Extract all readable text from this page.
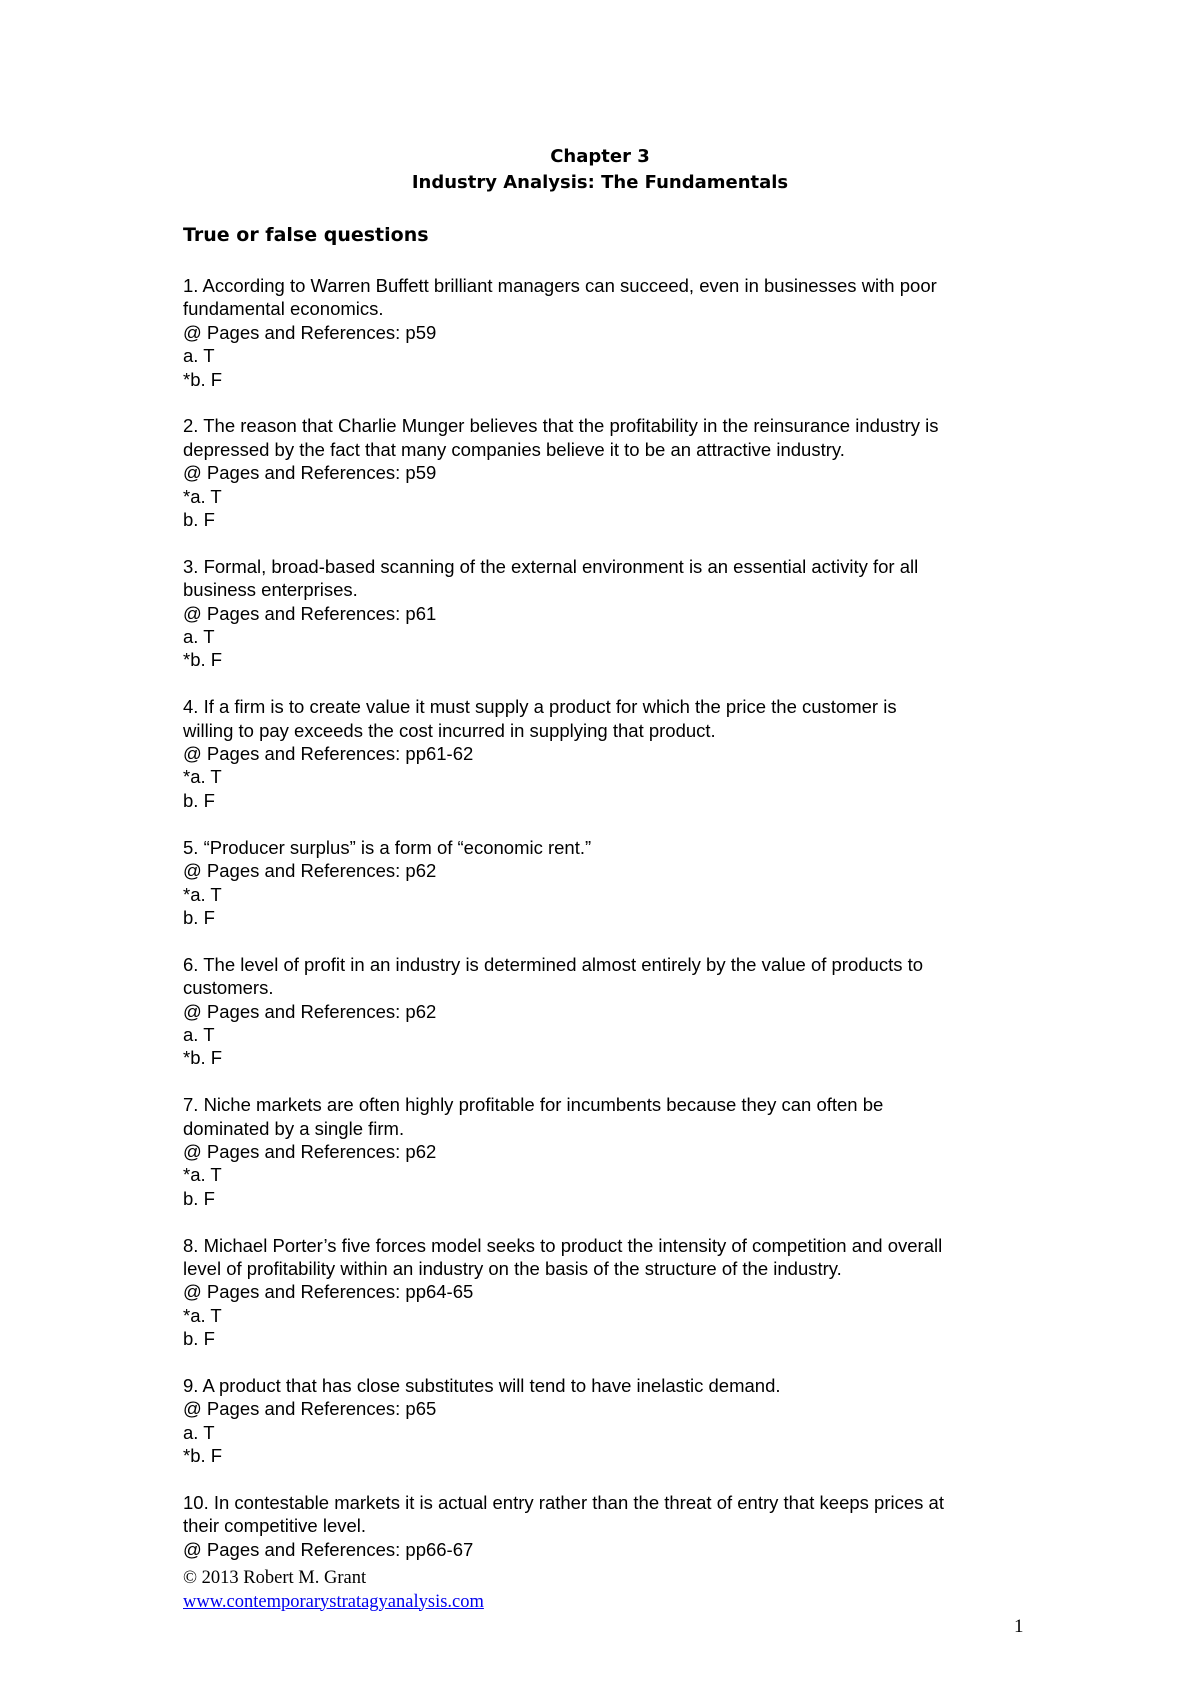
Chapter 3
Industry Analysis: The Fundamentals
True or false questions
1. According to Warren Buffett brilliant managers can succeed, even in businesses with poor
fundamental economics.
@ Pages and References: p59
a. T
*b. F
2. The reason that Charlie Munger believes that the profitability in the reinsurance industry is
depressed by the fact that many companies believe it to be an attractive industry.
@ Pages and References: p59
*a. T
b. F
3. Formal, broad-based scanning of the external environment is an essential activity for all
business enterprises.
@ Pages and References: p61
a. T
*b. F
4. If a firm is to create value it must supply a product for which the price the customer is
willing to pay exceeds the cost incurred in supplying that product.
@ Pages and References: pp61-62
*a. T
b. F
5. “Producer surplus” is a form of “economic rent.”
@ Pages and References: p62
*a. T
b. F
6. The level of profit in an industry is determined almost entirely by the value of products to
customers.
@ Pages and References: p62
a. T
*b. F
7. Niche markets are often highly profitable for incumbents because they can often be
dominated by a single firm.
@ Pages and References: p62
*a. T
b. F
8. Michael Porter’s five forces model seeks to product the intensity of competition and overall
level of profitability within an industry on the basis of the structure of the industry.
@ Pages and References: pp64-65
*a. T
b. F
9. A product that has close substitutes will tend to have inelastic demand.
@ Pages and References: p65
a. T
*b. F
10. In contestable markets it is actual entry rather than the threat of entry that keeps prices at
their competitive level.
@ Pages and References: pp66-67
© 2013 Robert M. Grant
www.contemporarystratagyanalysis.com
1
